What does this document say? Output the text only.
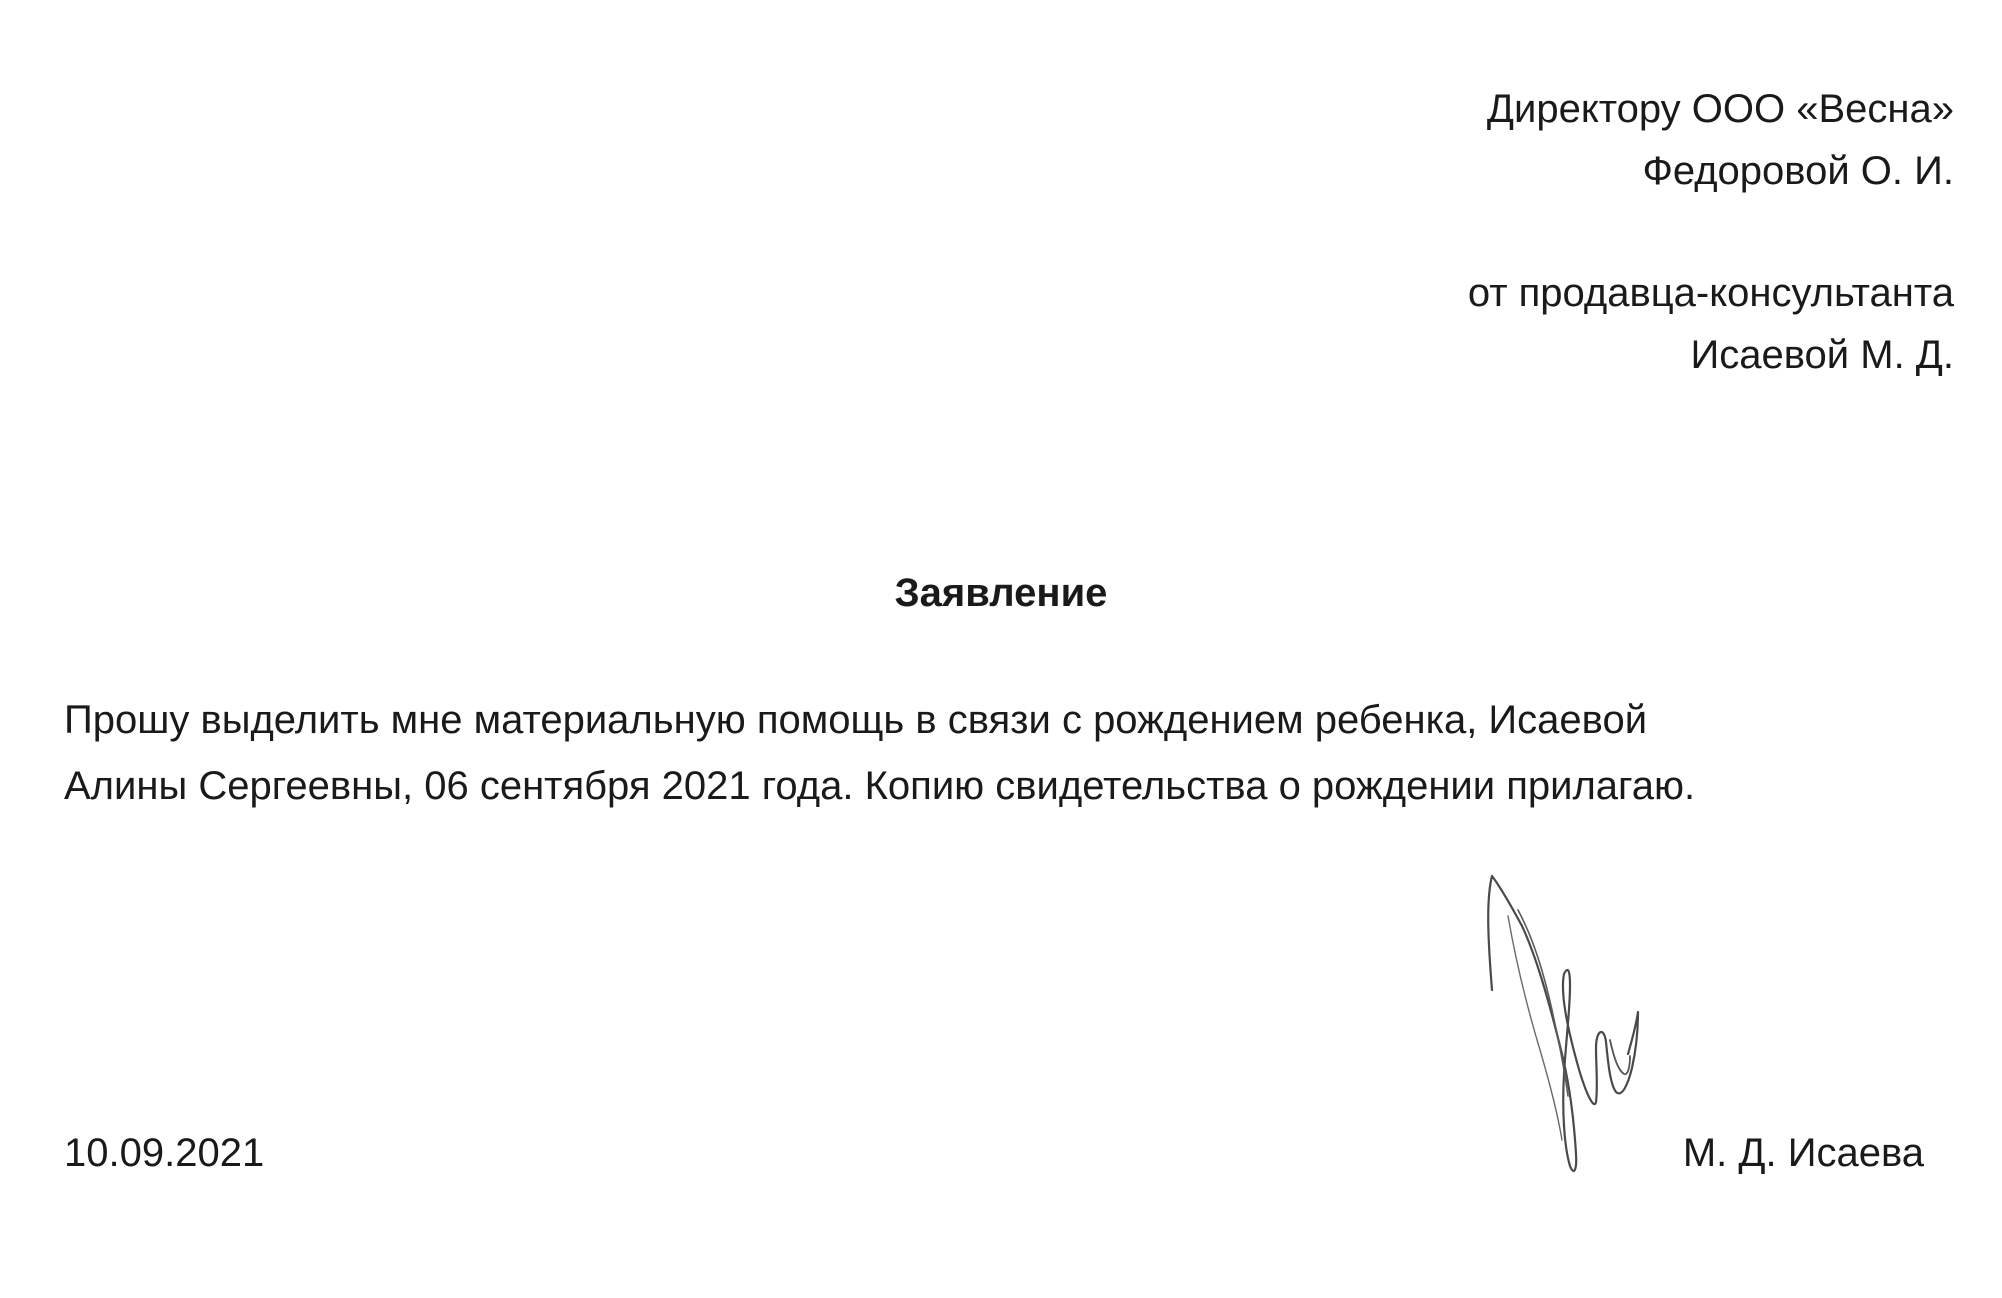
Директору ООО «Весна»
Федоровой О. И.
от продавца-консультанта
Исаевой М. Д.
Заявление

Прошу выделить мне материальную помощь в связи с рождением ребенка, Исаевой

Алины Сергеевны, 06 сентября 2021 года. Копию свидетельства о рождении прилагаю.

10.09.2021	М. Д. Исаева
